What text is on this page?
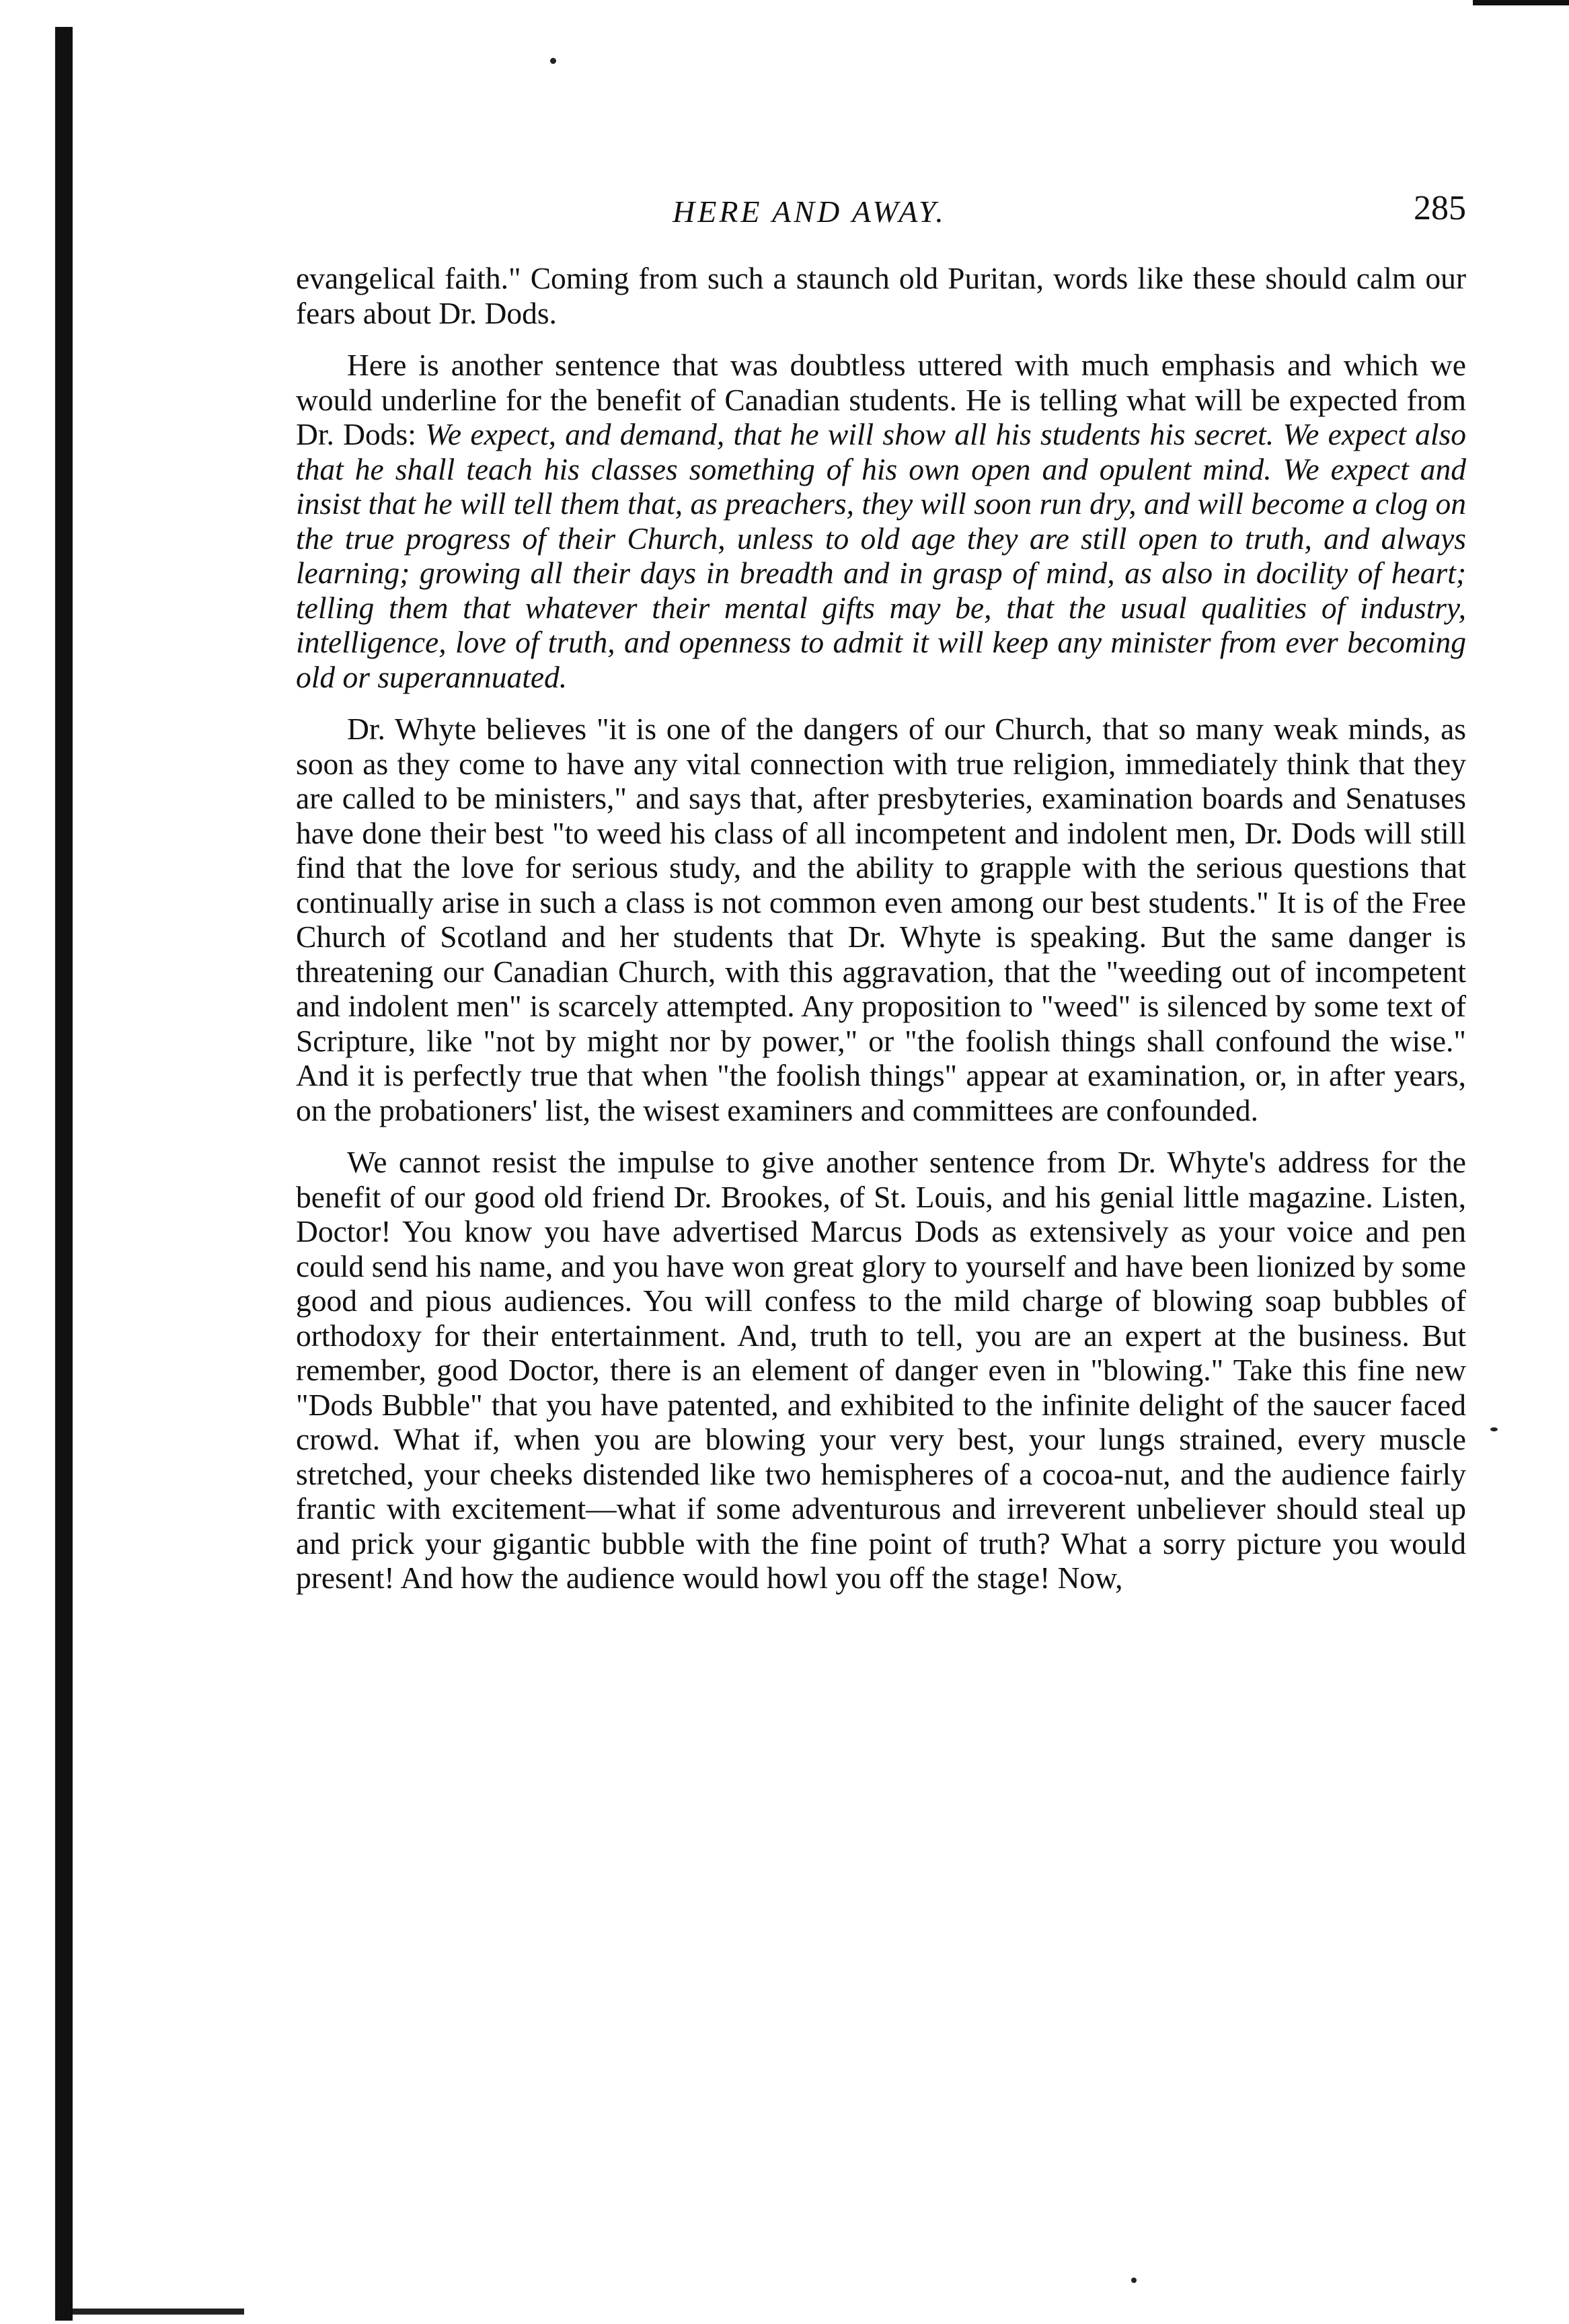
HERE AND AWAY.	285

evangelical faith." Coming from such a staunch old Puritan, words like these should calm our fears about Dr. Dods.

Here is another sentence that was doubtless uttered with much emphasis and which we would underline for the benefit of Canadian students. He is telling what will be expected from Dr. Dods: We expect, and demand, that he will show all his students his secret. We expect also that he shall teach his classes something of his own open and opulent mind. We expect and insist that he will tell them that, as preachers, they will soon run dry, and will become a clog on the true progress of their Church, unless to old age they are still open to truth, and always learning; growing all their days in breadth and in grasp of mind, as also in docility of heart; telling them that whatever their mental gifts may be, that the usual qualities of industry, intelligence, love of truth, and openness to admit it will keep any minister from ever becoming old or superannuated.

Dr. Whyte believes "it is one of the dangers of our Church, that so many weak minds, as soon as they come to have any vital connection with true religion, immediately think that they are called to be ministers," and says that, after presbyteries, examination boards and Senatuses have done their best "to weed his class of all incompetent and indolent men, Dr. Dods will still find that the love for serious study, and the ability to grapple with the serious questions that continually arise in such a class is not common even among our best students." It is of the Free Church of Scotland and her students that Dr. Whyte is speaking. But the same danger is threatening our Canadian Church, with this aggravation, that the "weeding out of incompetent and indolent men" is scarcely attempted. Any proposition to "weed" is silenced by some text of Scripture, like "not by might nor by power," or "the foolish things shall confound the wise." And it is perfectly true that when "the foolish things" appear at examination, or, in after years, on the probationers' list, the wisest examiners and committees are confounded.

We cannot resist the impulse to give another sentence from Dr. Whyte's address for the benefit of our good old friend Dr. Brookes, of St. Louis, and his genial little magazine. Listen, Doctor! You know you have advertised Marcus Dods as extensively as your voice and pen could send his name, and you have won great glory to yourself and have been lionized by some good and pious audiences. You will confess to the mild charge of blowing soap bubbles of orthodoxy for their entertainment. And, truth to tell, you are an expert at the business. But remember, good Doctor, there is an element of danger even in "blowing." Take this fine new "Dods Bubble" that you have patented, and exhibited to the infinite delight of the saucer faced crowd. What if, when you are blowing your very best, your lungs strained, every muscle stretched, your cheeks distended like two hemispheres of a cocoa-nut, and the audience fairly frantic with excitement—what if some adventurous and irreverent unbeliever should steal up and prick your gigantic bubble with the fine point of truth? What a sorry picture you would present! And how the audience would howl you off the stage! Now,
